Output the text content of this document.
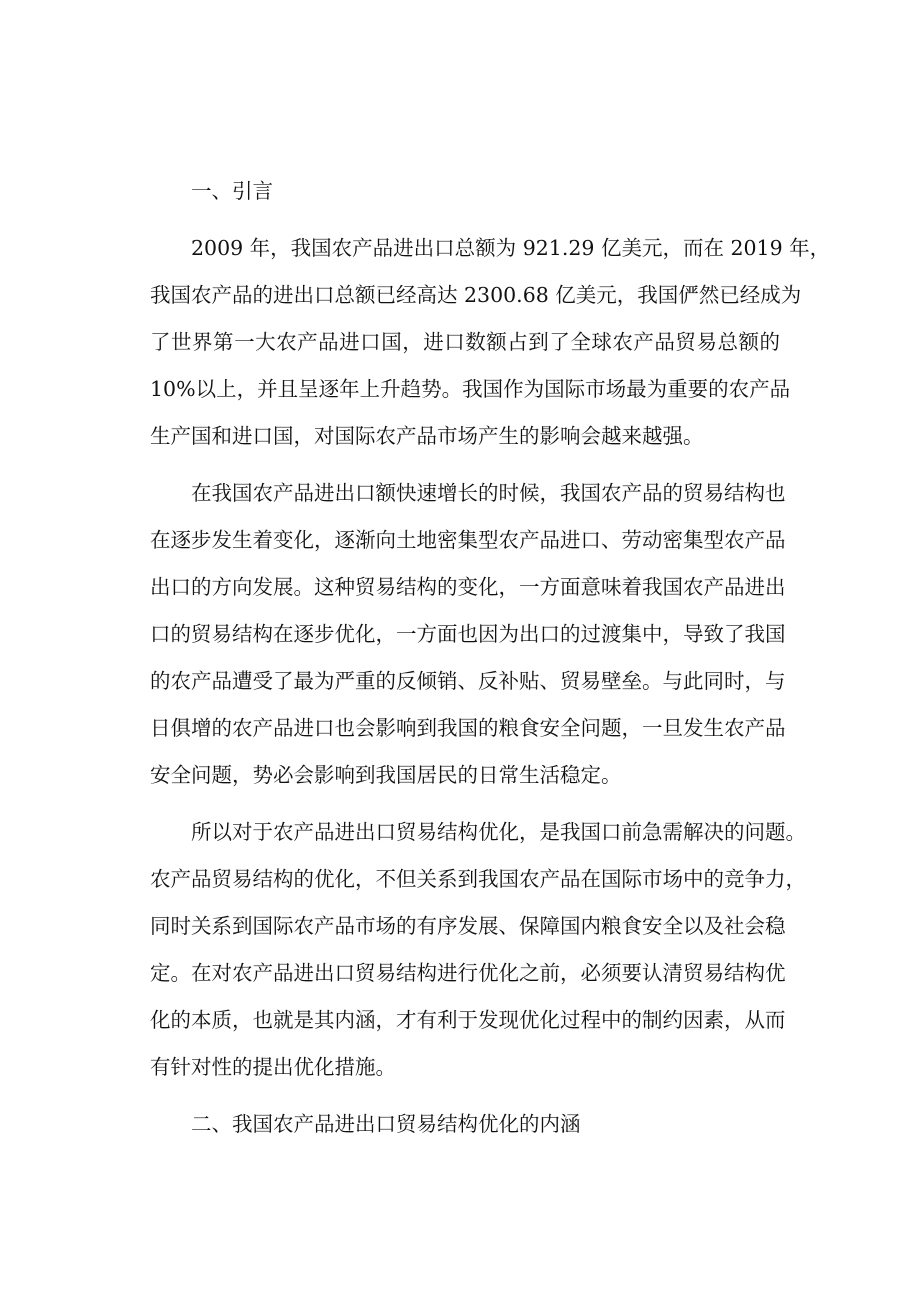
一、引言
2009 年，我国农产品进出口总额为 921.29 亿美元，而在 2019 年，
我国农产品的进出口总额已经高达 2300.68 亿美元，我国俨然已经成为
了世界第一大农产品进口国，进口数额占到了全球农产品贸易总额的
10%以上，并且呈逐年上升趋势。我国作为国际市场最为重要的农产品
生产国和进口国，对国际农产品市场产生的影响会越来越强。
在我国农产品进出口额快速增长的时候，我国农产品的贸易结构也
在逐步发生着变化，逐渐向土地密集型农产品进口、劳动密集型农产品
出口的方向发展。这种贸易结构的变化，一方面意味着我国农产品进出
口的贸易结构在逐步优化，一方面也因为出口的过渡集中，导致了我国
的农产品遭受了最为严重的反倾销、反补贴、贸易壁垒。与此同时，与
日俱增的农产品进口也会影响到我国的粮食安全问题，一旦发生农产品
安全问题，势必会影响到我国居民的日常生活稳定。
所以对于农产品进出口贸易结构优化，是我国口前急需解决的问题。
农产品贸易结构的优化，不但关系到我国农产品在国际市场中的竞争力，
同时关系到国际农产品市场的有序发展、保障国内粮食安全以及社会稳
定。在对农产品进出口贸易结构进行优化之前，必须要认清贸易结构优
化的本质，也就是其内涵，才有利于发现优化过程中的制约因素，从而
有针对性的提出优化措施。
二、我国农产品进出口贸易结构优化的内涵
